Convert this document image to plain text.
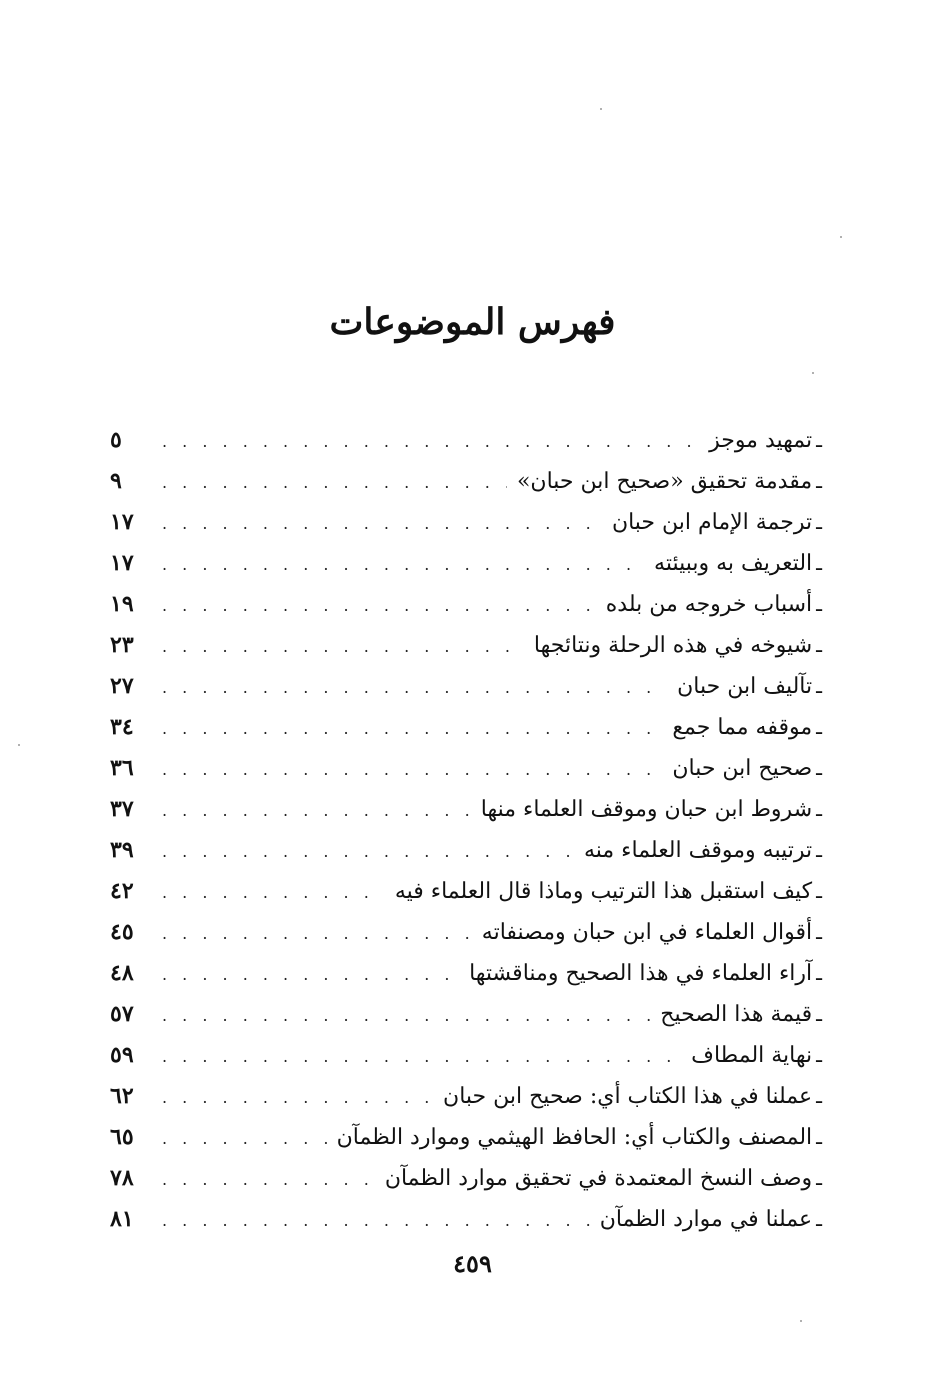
فهرس الموضوعات
ـ
تمهيد موجز
. . .
٥
ـ
مقدمة تحقيق «صحيح ابن حبان»
. . .
٩
ـ
ترجمة الإمام ابن حبان
. . .
١٧
ـ
التعريف به وببيئته
. . .
١٧
ـ
أسباب خروجه من بلده
. . .
١٩
ـ
شيوخه في هذه الرحلة ونتائجها
. . .
٢٣
ـ
تآليف ابن حبان
. . .
٢٧
ـ
موقفه مما جمع
. . .
٣٤
ـ
صحيح ابن حبان
. . .
٣٦
ـ
شروط ابن حبان وموقف العلماء منها
. . .
٣٧
ـ
ترتيبه وموقف العلماء منه
. . .
٣٩
ـ
كيف استقبل هذا الترتيب وماذا قال العلماء فيه
. . .
٤٢
ـ
أقوال العلماء في ابن حبان ومصنفاته
. . .
٤٥
ـ
آراء العلماء في هذا الصحيح ومناقشتها
. . .
٤٨
ـ
قيمة هذا الصحيح
. . .
٥٧
ـ
نهاية المطاف
. . .
٥٩
ـ
عملنا في هذا الكتاب أي: صحيح ابن حبان
. . .
٦٢
ـ
المصنف والكتاب أي: الحافظ الهيثمي وموارد الظمآن
. . .
٦٥
ـ
وصف النسخ المعتمدة في تحقيق موارد الظمآن
. . .
٧٨
ـ
عملنا في موارد الظمآن
. . .
٨١
٤٥٩
